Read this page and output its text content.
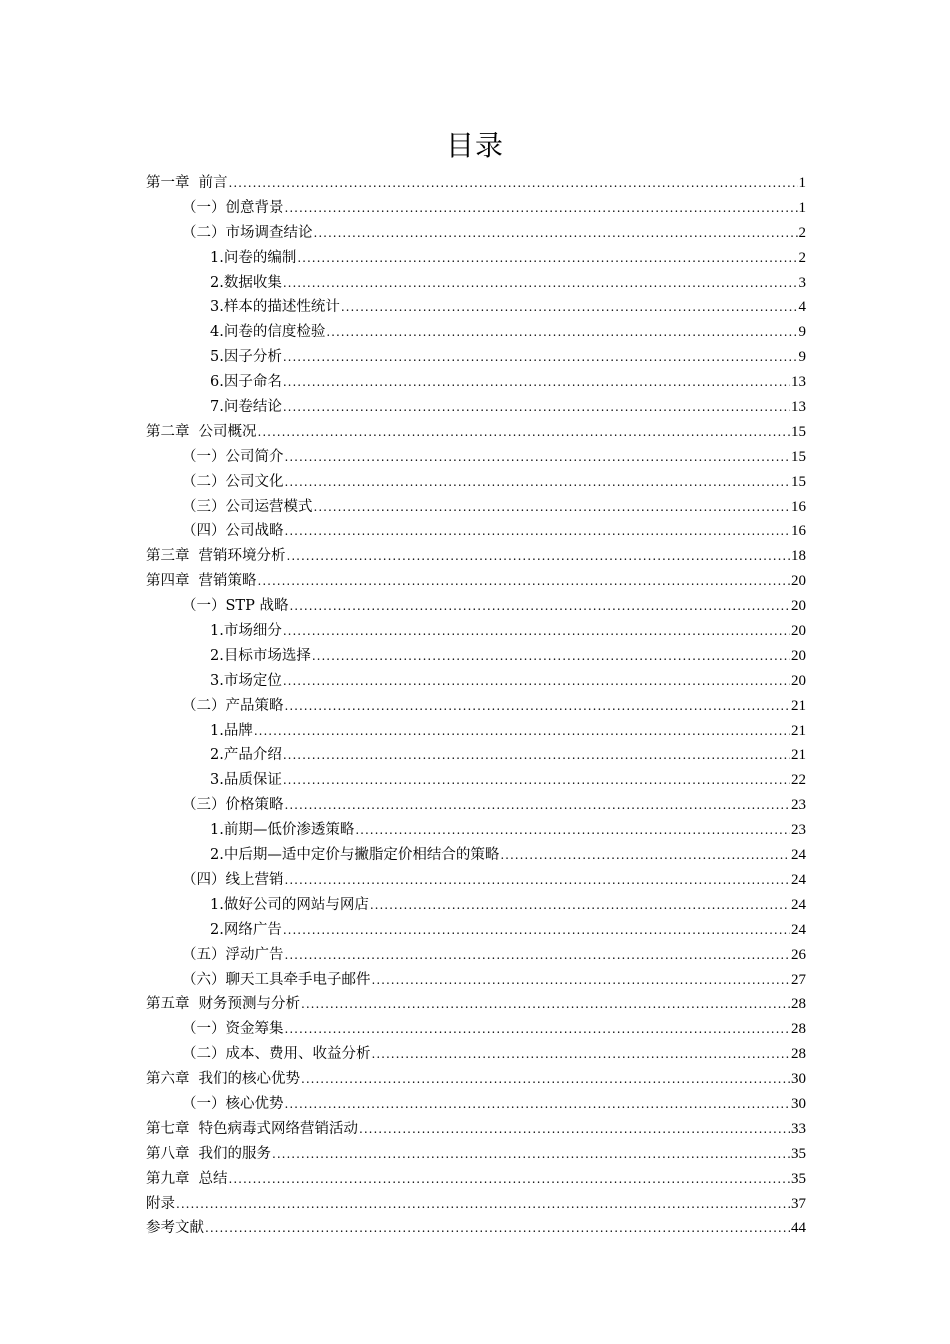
目录
第一章 前言 .....	1
（一）创意背景 .....	1
（二）市场调查结论 .....	2
1.问卷的编制 .....	2
2.数据收集 .....	3
3.样本的描述性统计 .....	4
4.问卷的信度检验 .....	9
5.因子分析 .....	9
6.因子命名 .....	13
7.问卷结论 .....	13
第二章 公司概况 .....	15
（一）公司简介 .....	15
（二）公司文化 .....	15
（三）公司运营模式 .....	16
（四）公司战略 .....	16
第三章 营销环境分析 .....	18
第四章 营销策略 .....	20
（一）STP 战略 .....	20
1.市场细分 .....	20
2.目标市场选择 .....	20
3.市场定位 .....	20
（二）产品策略 .....	21
1.品牌 .....	21
2.产品介绍 .....	21
3.品质保证 .....	22
（三）价格策略 .....	23
1.前期—低价渗透策略 .....	23
2.中后期—适中定价与撇脂定价相结合的策略 .....	24
（四）线上营销 .....	24
1.做好公司的网站与网店 .....	24
2.网络广告 .....	24
（五）浮动广告 .....	26
（六）聊天工具牵手电子邮件 .....	27
第五章 财务预测与分析 .....	28
（一）资金筹集 .....	28
（二）成本、费用、收益分析 .....	28
第六章 我们的核心优势 .....	30
（一）核心优势 .....	30
第七章 特色病毒式网络营销活动 .....	33
第八章 我们的服务 .....	35
第九章 总结 .....	35
附录 .....	37
参考文献 .....	44
